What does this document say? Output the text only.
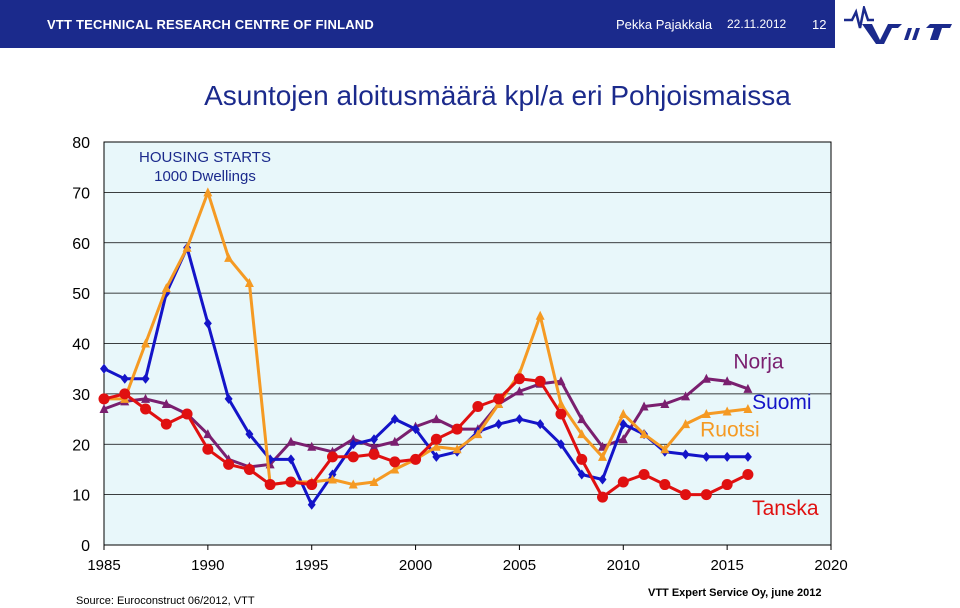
VTT TECHNICAL RESEARCH CENTRE OF FINLAND	Pekka Pajakkala 22.11.2012 12
Asuntojen aloitusmäärä kpl/a eri Pohjoismaissa
0
10
20
30
40
50
60
70
80
1985	1990	1995	2000	2005	2010	2015	2020
HOUSING STARTS
1000 Dwellings
Norja
Suomi
Ruotsi
Tanska
Source: Euroconstruct 06/2012, VTT
VTT Expert Service Oy, june 2012
